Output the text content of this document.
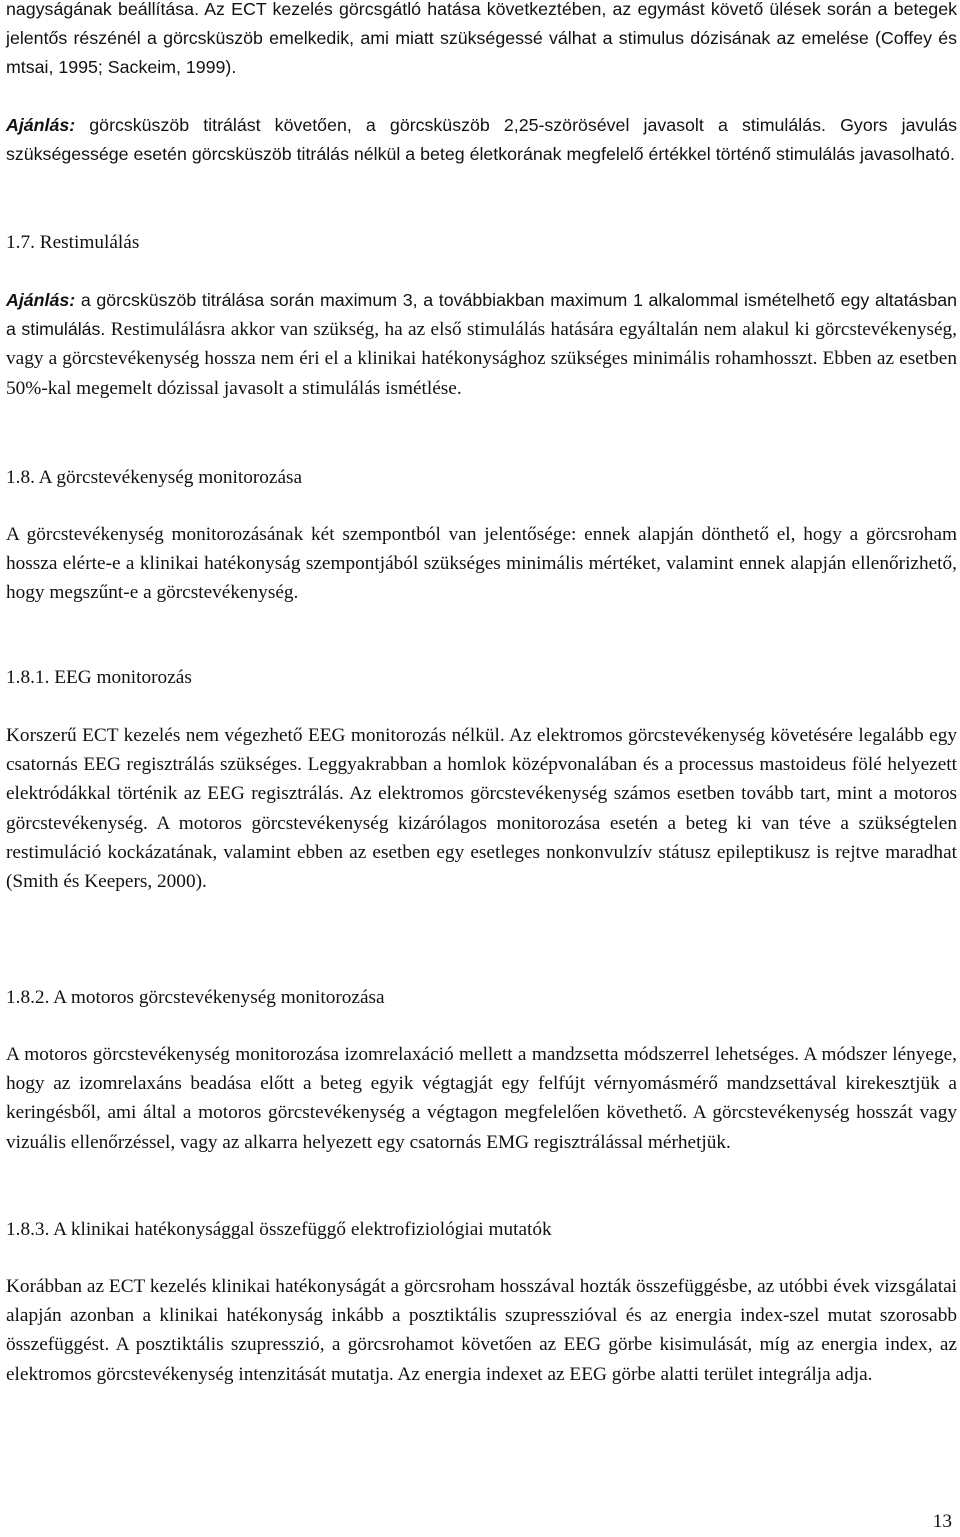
nagyságának beállítása. Az ECT kezelés görcsgátló hatása következtében, az egymást követő ülések során a betegek jelentős részénél a görcsküszöb emelkedik, ami miatt szükségessé válhat a stimulus dózisának az emelése (Coffey és mtsai, 1995; Sackeim, 1999).

Ajánlás: görcsküszöb titrálást követően, a görcsküszöb 2,25-szörösével javasolt a stimulálás. Gyors javulás szükségessége esetén görcsküszöb titrálás nélkül a beteg életkorának megfelelő értékkel történő stimulálás javasolható.

1.7. Restimulálás

Ajánlás: a görcsküszöb titrálása során maximum 3, a továbbiakban maximum 1 alkalommal ismételhető egy altatásban a stimulálás. Restimulálásra akkor van szükség, ha az első stimulálás hatására egyáltalán nem alakul ki görcstevékenység, vagy a görcstevékenység hossza nem éri el a klinikai hatékonysághoz szükséges minimális rohamhosszt. Ebben az esetben 50%-kal megemelt dózissal javasolt a stimulálás ismétlése.

1.8. A görcstevékenység monitorozása

A görcstevékenység monitorozásának két szempontból van jelentősége: ennek alapján dönthető el, hogy a görcsroham hossza elérte-e a klinikai hatékonyság szempontjából szükséges minimális mértéket, valamint ennek alapján ellenőrizhető, hogy megszűnt-e a görcstevékenység.

1.8.1. EEG monitorozás

Korszerű ECT kezelés nem végezhető EEG monitorozás nélkül. Az elektromos görcstevékenység követésére legalább egy csatornás EEG regisztrálás szükséges. Leggyakrabban a homlok középvonalában és a processus mastoideus fölé helyezett elektródákkal történik az EEG regisztrálás. Az elektromos görcstevékenység számos esetben tovább tart, mint a motoros görcstevékenység. A motoros görcstevékenység kizárólagos monitorozása esetén a beteg ki van téve a szükségtelen restimuláció kockázatának, valamint ebben az esetben egy esetleges nonkonvulzív státusz epileptikusz is rejtve maradhat (Smith és Keepers, 2000).

1.8.2. A motoros görcstevékenység monitorozása

A motoros görcstevékenység monitorozása izomrelaxáció mellett a mandzsetta módszerrel lehetséges. A módszer lényege, hogy az izomrelaxáns beadása előtt a beteg egyik végtagját egy felfújt vérnyomásmérő mandzsettával kirekesztjük a keringésből, ami által a motoros görcstevékenység a végtagon megfelelően követhető. A görcstevékenység hosszát vagy vizuális ellenőrzéssel, vagy az alkarra helyezett egy csatornás EMG regisztrálással mérhetjük.

1.8.3. A klinikai hatékonysággal összefüggő elektrofiziológiai mutatók

Korábban az ECT kezelés klinikai hatékonyságát a görcsroham hosszával hozták összefüggésbe, az utóbbi évek vizsgálatai alapján azonban a klinikai hatékonyság inkább a posztiktális szupresszióval és az energia index-szel mutat szorosabb összefüggést. A posztiktális szupresszió, a görcsrohamot követően az EEG görbe kisimulását, míg az energia index, az elektromos görcstevékenység intenzitását mutatja. Az energia indexet az EEG görbe alatti terület integrálja adja.

13
